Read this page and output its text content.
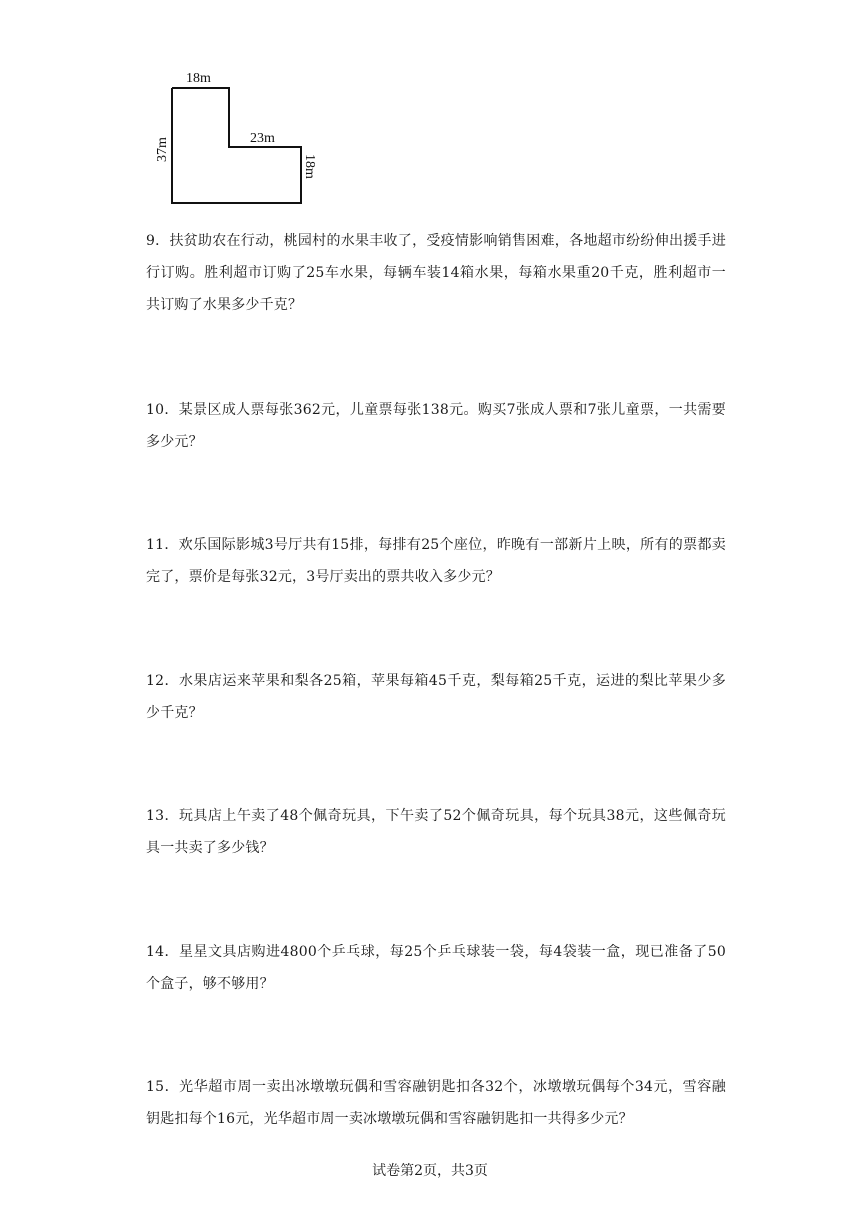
18m
37m	23m
18m

9．扶贫助农在行动，桃园村的水果丰收了，受疫情影响销售困难，各地超市纷纷伸出援手进行订购。胜利超市订购了25车水果，每辆车装14箱水果，每箱水果重20千克，胜利超市一共订购了水果多少千克？

10．某景区成人票每张362元，儿童票每张138元。购买7张成人票和7张儿童票，一共需要多少元？

11．欢乐国际影城3号厅共有15排，每排有25个座位，昨晚有一部新片上映，所有的票都卖完了，票价是每张32元，3号厅卖出的票共收入多少元？

12．水果店运来苹果和梨各25箱，苹果每箱45千克，梨每箱25千克，运进的梨比苹果少多少千克？

13．玩具店上午卖了48个佩奇玩具，下午卖了52个佩奇玩具，每个玩具38元，这些佩奇玩具一共卖了多少钱？

14．星星文具店购进4800个乒乓球，每25个乒乓球装一袋，每4袋装一盒，现已准备了50个盒子，够不够用？

15．光华超市周一卖出冰墩墩玩偶和雪容融钥匙扣各32个，冰墩墩玩偶每个34元，雪容融钥匙扣每个16元，光华超市周一卖冰墩墩玩偶和雪容融钥匙扣一共得多少元？

试卷第2页，共3页
